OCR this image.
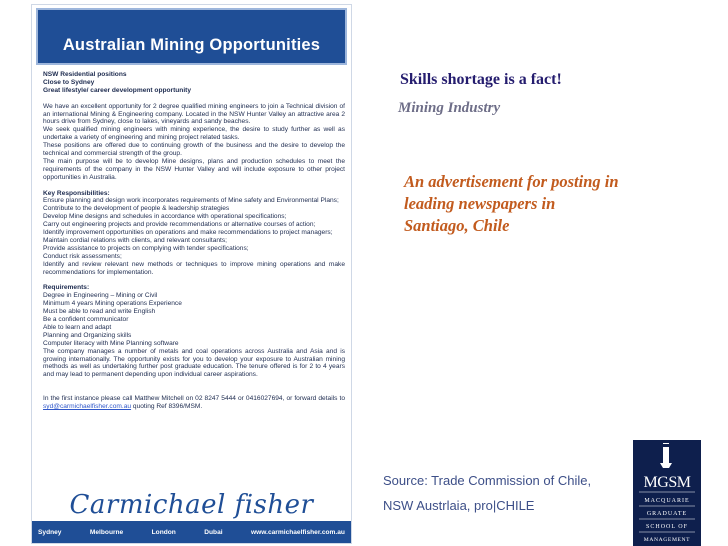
Australian Mining Opportunities

NSW Residential positions

Close to Sydney

Great lifestyle/ career development opportunity

We have an excellent opportunity for 2 degree qualified mining engineers to join a Technical division of an international Mining & Engineering company. Located in the NSW Hunter Valley an attractive area 2 hours drive from Sydney, close to lakes, vineyards and sandy beaches.

We seek qualified mining engineers with mining experience, the desire to study further as well as undertake a variety of engineering and mining project related tasks.

These positions are offered due to continuing growth of the business and the desire to develop the technical and commercial strength of the group.

The main purpose will be to develop Mine designs, plans and production schedules to meet the requirements of the company in the NSW Hunter Valley and will include exposure to other project opportunities in Australia.

Key Responsibilities:

Ensure planning and design work incorporates requirements of Mine safety and Environmental Plans;

Contribute to the development of people & leadership strategies

Develop Mine designs and schedules in accordance with operational specifications;

Carry out engineering projects and provide recommendations or alternative courses of action;

Identify improvement opportunities on operations and make recommendations to project managers;

Maintain cordial relations with clients, and relevant consultants;

Provide assistance to projects on complying with tender specifications;

Conduct risk assessments;

Identify and review relevant new methods or techniques to improve mining operations and make recommendations for implementation.

Requirements:

Degree in Engineering – Mining or Civil

Minimum 4 years Mining operations Experience

Must be able to read and write English

Be a confident communicator

Able to learn and adapt

Planning and Organizing skills

Computer literacy with Mine Planning software

The company manages a number of metals and coal operations across Australia and Asia and is growing internationally. The opportunity exists for you to develop your exposure to Australian mining methods as well as undertaking further post graduate education. The tenure offered is for 2 to 4 years and may lead to permanent depending upon individual career aspirations.

In the first instance please call Matthew Mitchell on 02 8247 5444 or 0416027694, or forward details to syd@carmichaelfisher.com.au quoting Ref 8396/MSM.

Carmichael fisher
Sydney	Melbourne	London	Dubai	www.carmichaelfisher.com.au
Skills shortage is a fact!
Mining Industry
An advertisement for posting in leading newspapers in Santiago, Chile
Source: Trade Commission of Chile,
NSW Austrlaia, pro|CHILE
MGSM
MACQUARIE
GRADUATE
SCHOOL OF
MANAGEMENT
